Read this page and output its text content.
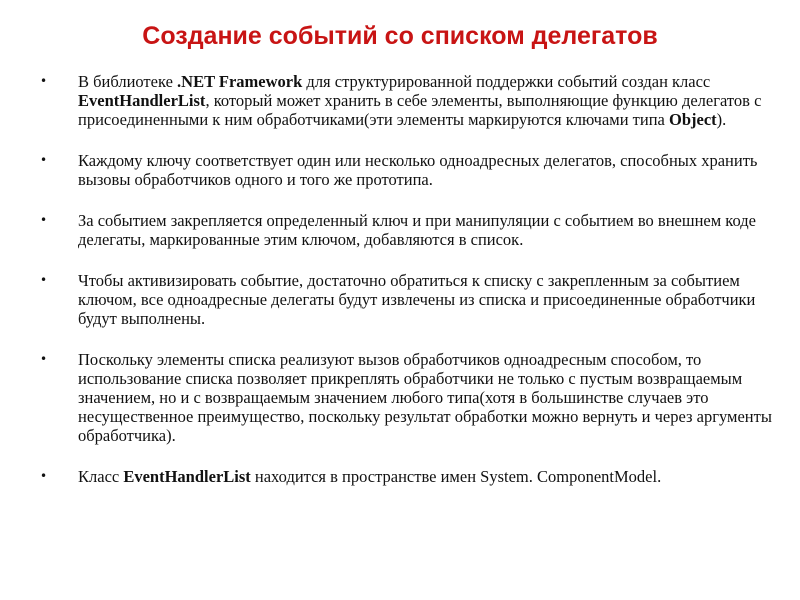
Создание событий со списком делегатов
• В библиотеке .NET Framework для структурированной поддержки событий создан класс EventHandlerList, который может хранить в себе элементы, выполняющие функцию делегатов с присоединенными к ним обработчиками(эти элементы маркируются ключами типа Object).
• Каждому ключу соответствует один или несколько одноадресных делегатов, способных хранить вызовы обработчиков одного и того же прототипа.
• За событием закрепляется определенный ключ и при манипуляции с событием во внешнем коде делегаты, маркированные этим ключом, добавляются в список.
• Чтобы активизировать событие, достаточно обратиться к списку с закрепленным за событием ключом, все одноадресные делегаты будут извлечены из списка и присоединенные обработчики будут выполнены.
• Поскольку элементы списка реализуют вызов обработчиков одноадресным способом, то использование списка позволяет прикреплять обработчики не только с пустым возвращаемым значением, но и с возвращаемым значением любого типа(хотя в большинстве случаев это несущественное преимущество, поскольку результат обработки можно вернуть и через аргументы обработчика).
• Класс EventHandlerList находится в пространстве имен System. ComponentModel.
